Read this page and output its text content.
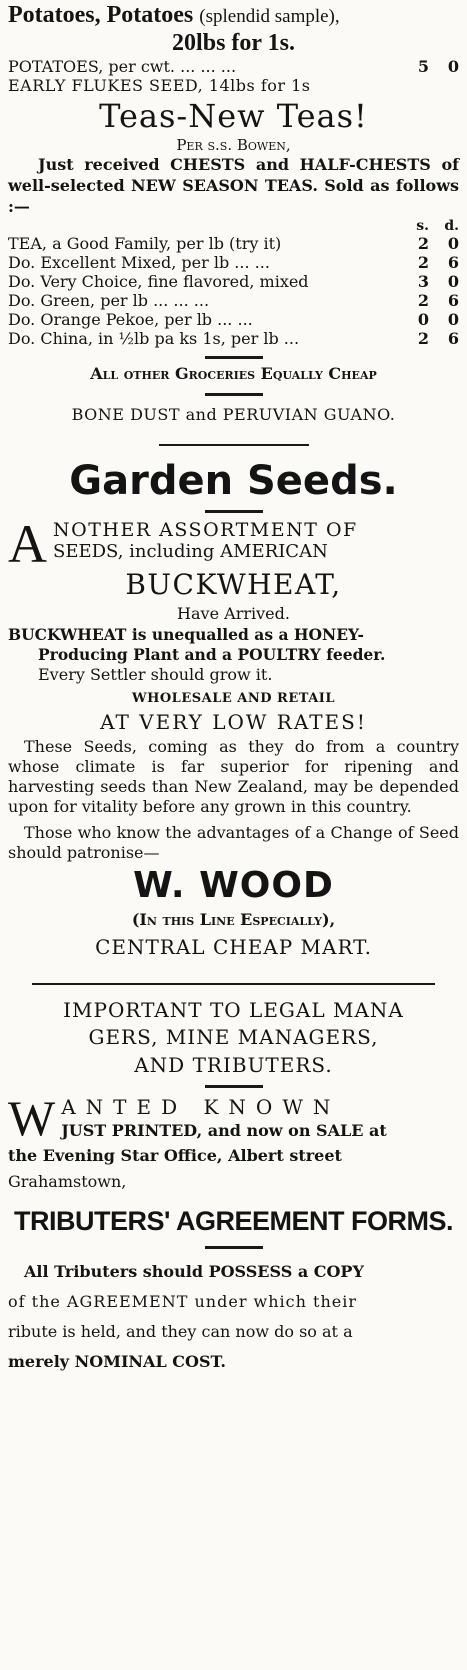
Potatoes, Potatoes (splendid sample),
20lbs for 1s.
POTATOES, per cwt. ... ... ...	5	0
EARLY FLUKES SEED, 14lbs for 1s
Teas-New Teas!
Per s.s. Bowen,
Just received CHESTS and HALF-CHESTS of well-selected NEW SEASON TEAS. Sold as follows :—
s.	d.
TEA, a Good Family, per lb (try it)	2	0
Do. Excellent Mixed, per lb ... ...	2	6
Do. Very Choice, fine flavored, mixed	3	0
Do. Green, per lb ... ... ...	2	6
Do. Orange Pekoe, per lb ... ...	0	0
Do. China, in ½lb pa ks 1s, per lb ...	2	6
All other Groceries Equally Cheap
BONE DUST and PERUVIAN GUANO.
Garden Seeds.
A NOTHER ASSORTMENT OF
SEEDS, including AMERICAN
BUCKWHEAT,
Have Arrived.
BUCKWHEAT is unequalled as a HONEY-
Producing Plant and a POULTRY feeder.
Every Settler should grow it.
WHOLESALE AND RETAIL
AT VERY LOW RATES!
These Seeds, coming as they do from a country whose climate is far superior for ripening and harvesting seeds than New Zealand, may be depended upon for vitality before any grown in this country.
Those who know the advantages of a Change of Seed should patronise—
W. WOOD
(In this Line Especially),
CENTRAL CHEAP MART.
IMPORTANT TO LEGAL MANA
GERS, MINE MANAGERS,
AND TRIBUTERS.
W ANTED KNOWN
JUST PRINTED, and now on SALE at
the Evening Star Office, Albert street
Grahamstown,
TRIBUTERS' AGREEMENT FORMS.
All Tributers should POSSESS a COPY
of the AGREEMENT under which their
ribute is held, and they can now do so at a
merely NOMINAL COST.
